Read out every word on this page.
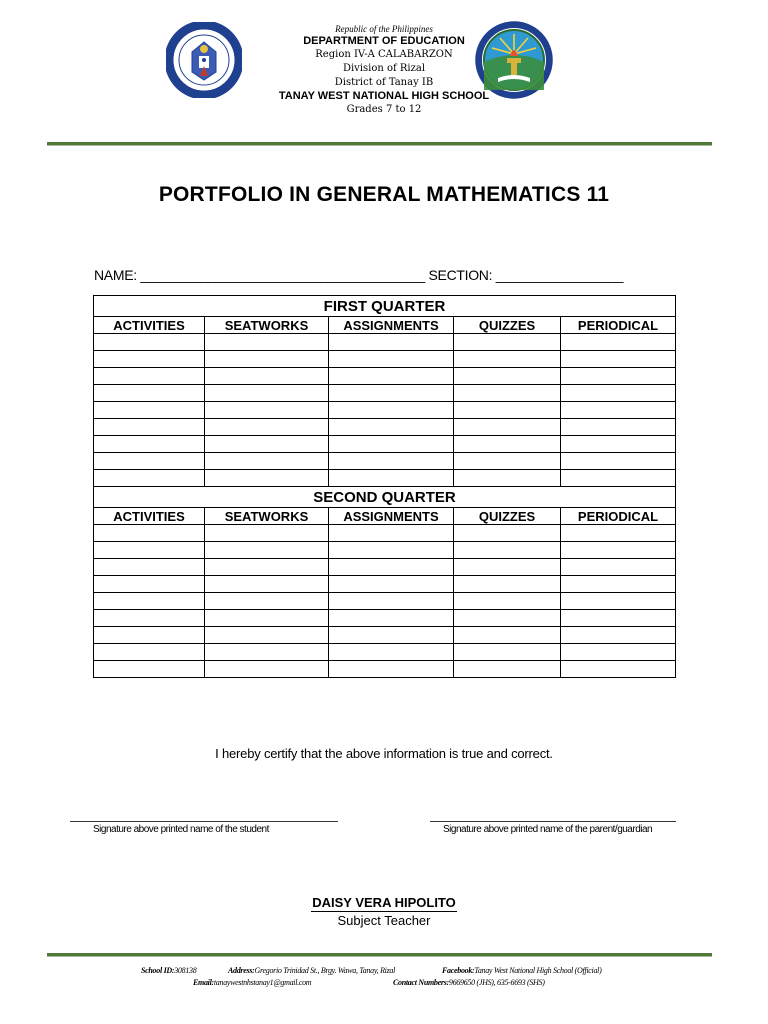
Republic of the Philippines
DEPARTMENT OF EDUCATION
Region IV-A CALABARZON
Division of Rizal
District of Tanay IB
TANAY WEST NATIONAL HIGH SCHOOL
Grades 7 to 12
PORTFOLIO IN GENERAL MATHEMATICS 11
NAME: ______________________________________ SECTION: _________________
FIRST QUARTER				
ACTIVITIES	SEATWORKS	ASSIGNMENTS	QUIZZES	PERIODICAL

SECOND QUARTER				
ACTIVITIES	SEATWORKS	ASSIGNMENTS	QUIZZES	PERIODICAL

I hereby certify that the above information is true and correct.
Signature above printed name of the student	Signature above printed name of the parent/guardian
DAISY VERA HIPOLITO
Subject Teacher
School ID:308138	Address:Gregorio Trinidad St., Brgy. Wawa, Tanay, Rizal	Facebook:Tanay West National High School (Official)
Email:tanaywestnhstanay1@gmail.com	Contact Numbers:9669650 (JHS), 635-6693 (SHS)
